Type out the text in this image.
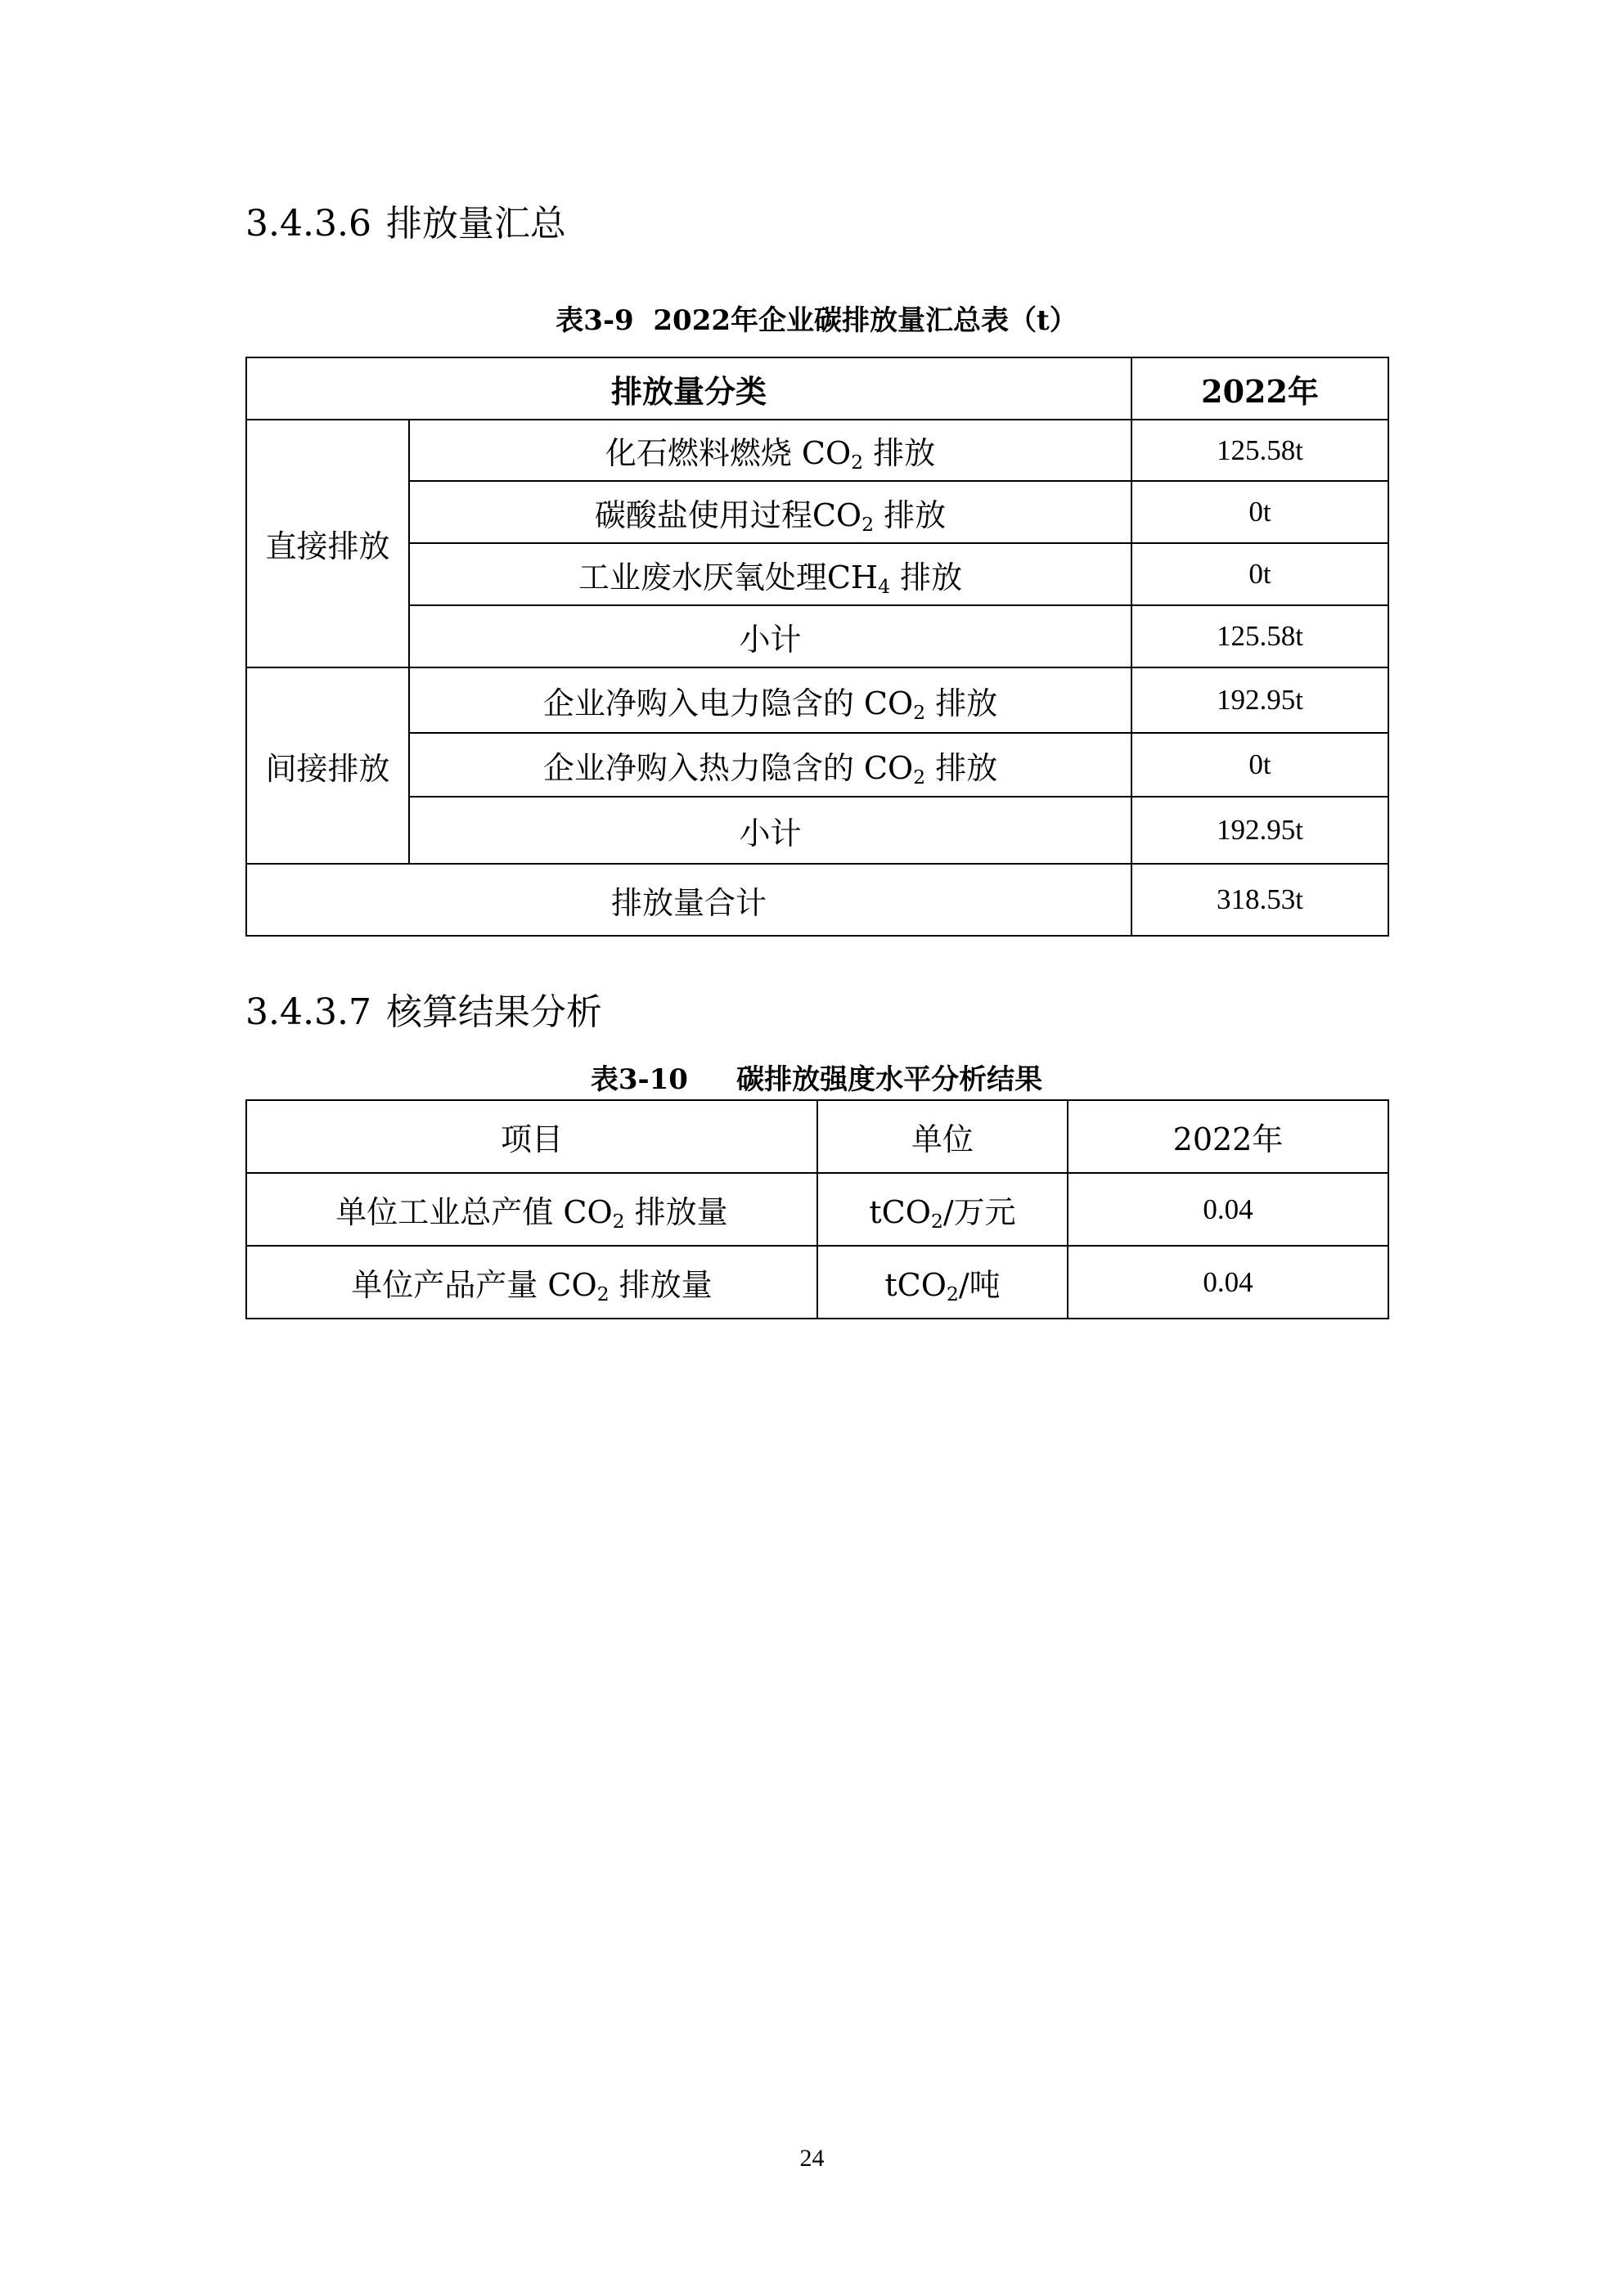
3.4.3.6 排放量汇总
表3-9  2022年企业碳排放量汇总表（t）
排放量分类		2022年
直接排放	化石燃料燃烧 $CO_2$ 排放	125.58t
	碳酸盐使用过程$CO_2$ 排放	0t
	工业废水厌氧处理$CH_4$ 排放	0t
	小计	125.58t
间接排放	企业净购入电力隐含的 $CO_2$ 排放	192.95t
	企业净购入热力隐含的 $CO_2$ 排放	0t
	小计	192.95t
排放量合计		318.53t
3.4.3.7 核算结果分析
表3-10     碳排放强度水平分析结果
项目	单位	2022年
单位工业总产值 $CO_2$ 排放量	tCO$_2$/万元	0.04
单位产品产量 $CO_2$ 排放量	tCO$_2$/吨	0.04
24
